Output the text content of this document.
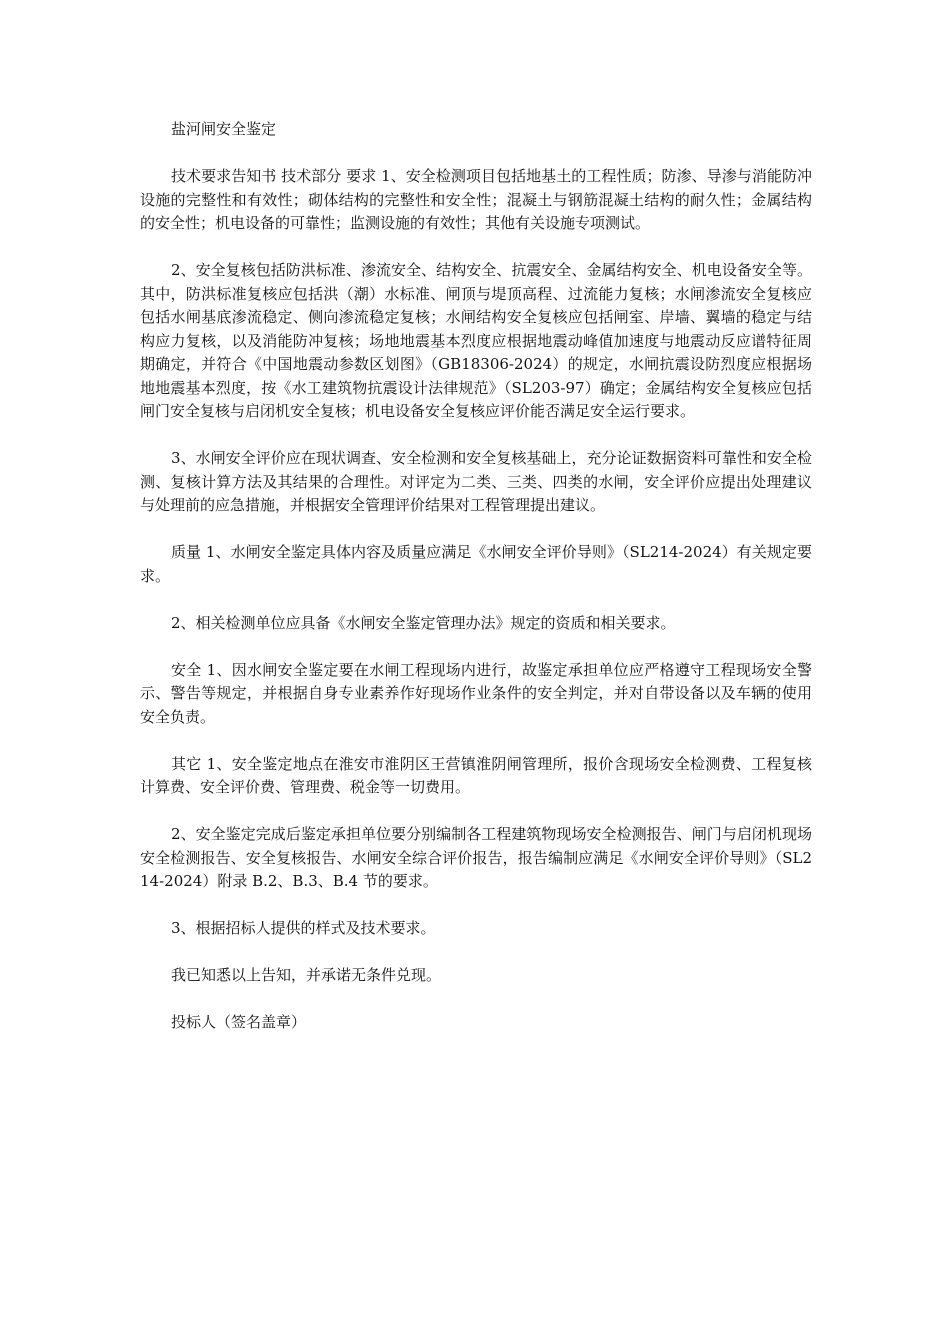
盐河闸安全鉴定

技术要求告知书 技术部分 要求 1、安全检测项目包括地基土的工程性质；防渗、导渗与消能防冲设施的完整性和有效性；砌体结构的完整性和安全性；混凝土与钢筋混凝土结构的耐久性；金属结构的安全性；机电设备的可靠性；监测设施的有效性；其他有关设施专项测试。

2、安全复核包括防洪标准、渗流安全、结构安全、抗震安全、金属结构安全、机电设备安全等。其中，防洪标准复核应包括洪（潮）水标准、闸顶与堤顶高程、过流能力复核；水闸渗流安全复核应包括水闸基底渗流稳定、侧向渗流稳定复核；水闸结构安全复核应包括闸室、岸墙、翼墙的稳定与结构应力复核，以及消能防冲复核；场地地震基本烈度应根据地震动峰值加速度与地震动反应谱特征周期确定，并符合《中国地震动参数区划图》（GB18306-2024）的规定，水闸抗震设防烈度应根据场地地震基本烈度，按《水工建筑物抗震设计法律规范》（SL203-97）确定；金属结构安全复核应包括闸门安全复核与启闭机安全复核；机电设备安全复核应评价能否满足安全运行要求。

3、水闸安全评价应在现状调查、安全检测和安全复核基础上，充分论证数据资料可靠性和安全检测、复核计算方法及其结果的合理性。对评定为二类、三类、四类的水闸，安全评价应提出处理建议与处理前的应急措施，并根据安全管理评价结果对工程管理提出建议。

质量 1、水闸安全鉴定具体内容及质量应满足《水闸安全评价导则》（SL214-2024）有关规定要求。

2、相关检测单位应具备《水闸安全鉴定管理办法》规定的资质和相关要求。

安全 1、因水闸安全鉴定要在水闸工程现场内进行，故鉴定承担单位应严格遵守工程现场安全警示、警告等规定，并根据自身专业素养作好现场作业条件的安全判定，并对自带设备以及车辆的使用安全负责。

其它 1、安全鉴定地点在淮安市淮阴区王营镇淮阴闸管理所，报价含现场安全检测费、工程复核计算费、安全评价费、管理费、税金等一切费用。

2、安全鉴定完成后鉴定承担单位要分别编制各工程建筑物现场安全检测报告、闸门与启闭机现场安全检测报告、安全复核报告、水闸安全综合评价报告，报告编制应满足《水闸安全评价导则》（SL214-2024）附录 B.2、B.3、B.4 节的要求。

3、根据招标人提供的样式及技术要求。

我已知悉以上告知，并承诺无条件兑现。

投标人（签名盖章）
